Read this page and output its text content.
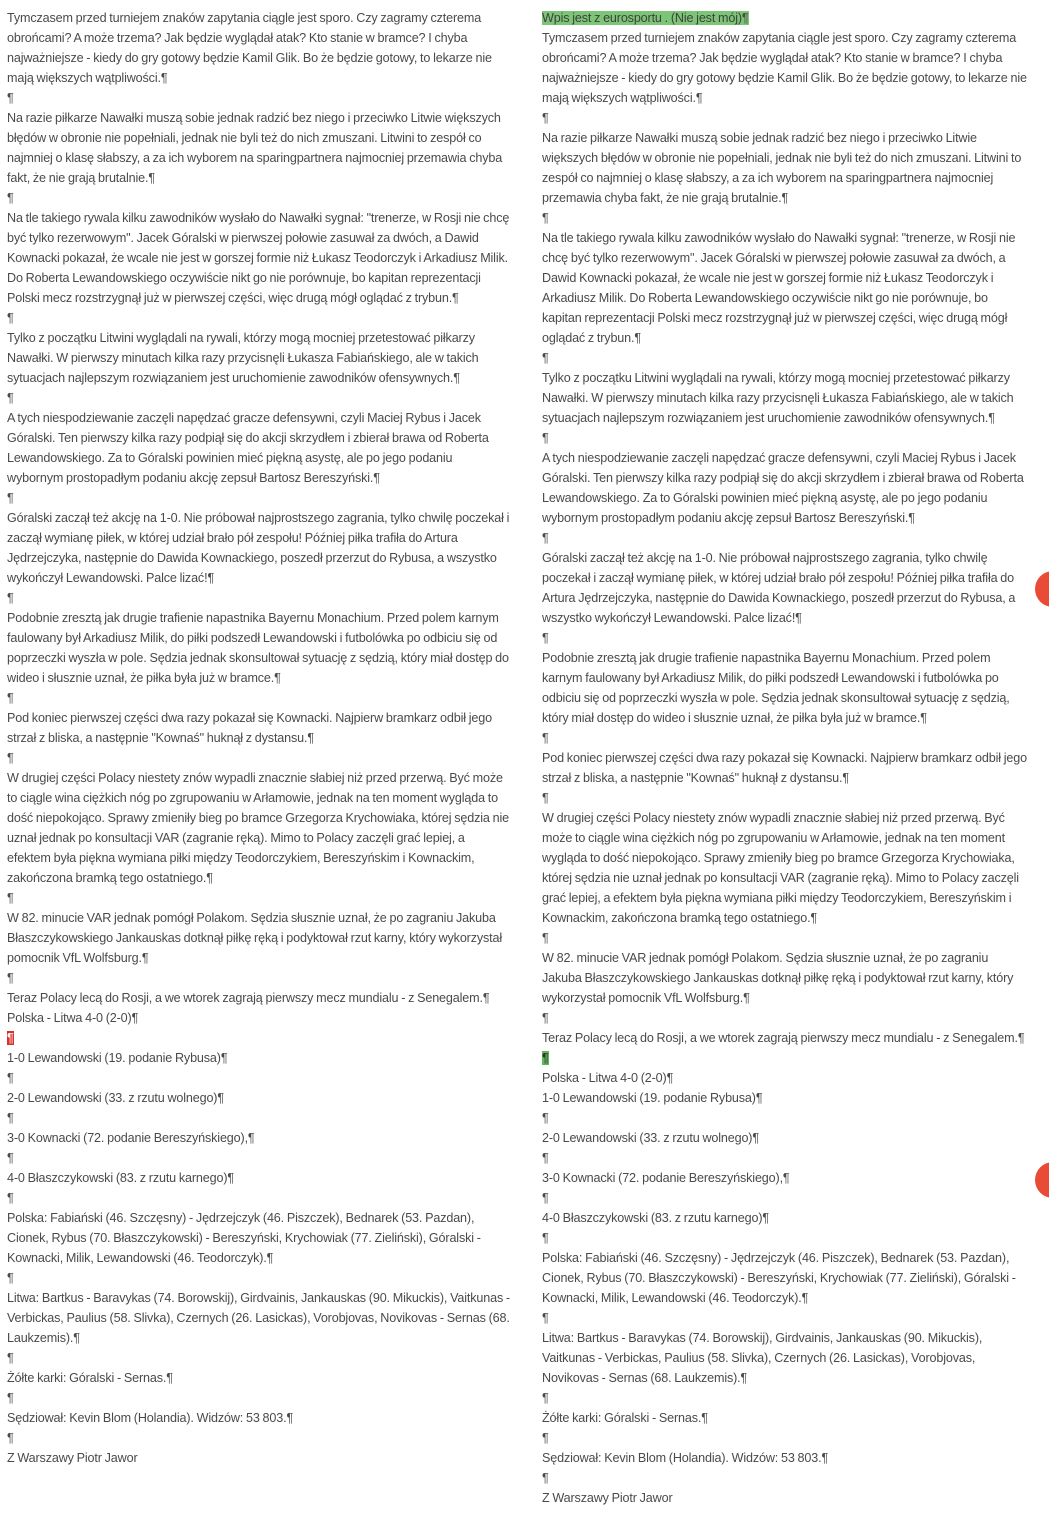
Tymczasem przed turniejem znaków zapytania ciągle jest sporo. Czy zagramy czterema obrońcami? A może trzema? Jak będzie wyglądał atak? Kto stanie w bramce? I chyba najważniejsze - kiedy do gry gotowy będzie Kamil Glik. Bo że będzie gotowy, to lekarze nie mają większych wątpliwości.¶
¶
Na razie piłkarze Nawałki muszą sobie jednak radzić bez niego i przeciwko Litwie większych błędów w obronie nie popełniali, jednak nie byli też do nich zmuszani. Litwini to zespół co najmniej o klasę słabszy, a za ich wyborem na sparingpartnera najmocniej przemawia chyba fakt, że nie grają brutalnie.¶
¶
Na tle takiego rywala kilku zawodników wysłało do Nawałki sygnał: "trenerze, w Rosji nie chcę być tylko rezerwowym". Jacek Góralski w pierwszej połowie zasuwał za dwóch, a Dawid Kownacki pokazał, że wcale nie jest w gorszej formie niż Łukasz Teodorczyk i Arkadiusz Milik. Do Roberta Lewandowskiego oczywiście nikt go nie porównuje, bo kapitan reprezentacji Polski mecz rozstrzygnął już w pierwszej części, więc drugą mógł oglądać z trybun.¶
¶
Tylko z początku Litwini wyglądali na rywali, którzy mogą mocniej przetestować piłkarzy Nawałki. W pierwszy minutach kilka razy przycisnęli Łukasza Fabiańskiego, ale w takich sytuacjach najlepszym rozwiązaniem jest uruchomienie zawodników ofensywnych.¶
¶
A tych niespodziewanie zaczęli napędzać gracze defensywni, czyli Maciej Rybus i Jacek Góralski. Ten pierwszy kilka razy podpiął się do akcji skrzydłem i zbierał brawa od Roberta Lewandowskiego. Za to Góralski powinien mieć piękną asystę, ale po jego podaniu wybornym prostopadłym podaniu akcję zepsuł Bartosz Bereszyński.¶
¶
Góralski zaczął też akcję na 1-0. Nie próbował najprostszego zagrania, tylko chwilę poczekał i zaczął wymianę piłek, w której udział brało pół zespołu! Później piłka trafiła do Artura Jędrzejczyka, następnie do Dawida Kownackiego, poszedł przerzut do Rybusa, a wszystko wykończył Lewandowski. Palce lizać!¶
¶
Podobnie zresztą jak drugie trafienie napastnika Bayernu Monachium. Przed polem karnym faulowany był Arkadiusz Milik, do piłki podszedł Lewandowski i futbolówka po odbiciu się od poprzeczki wyszła w pole. Sędzia jednak skonsultował sytuację z sędzią, który miał dostęp do wideo i słusznie uznał, że piłka była już w bramce.¶
¶
Pod koniec pierwszej części dwa razy pokazał się Kownacki. Najpierw bramkarz odbił jego strzał z bliska, a następnie "Kownaś" huknął z dystansu.¶
¶
W drugiej części Polacy niestety znów wypadli znacznie słabiej niż przed przerwą. Być może to ciągle wina ciężkich nóg po zgrupowaniu w Arłamowie, jednak na ten moment wygląda to dość niepokojąco. Sprawy zmieniły bieg po bramce Grzegorza Krychowiaka, której sędzia nie uznał jednak po konsultacji VAR (zagranie ręką). Mimo to Polacy zaczęli grać lepiej, a efektem była piękna wymiana piłki między Teodorczykiem, Bereszyńskim i Kownackim, zakończona bramką tego ostatniego.¶
¶
W 82. minucie VAR jednak pomógł Polakom. Sędzia słusznie uznał, że po zagraniu Jakuba Błaszczykowskiego Jankauskas dotknął piłkę ręką i podyktował rzut karny, który wykorzystał pomocnik VfL Wolfsburg.¶
¶
Teraz Polacy lecą do Rosji, a we wtorek zagrają pierwszy mecz mundialu - z Senegalem.¶
Polska - Litwa 4-0 (2-0)¶
¶
1-0 Lewandowski (19. podanie Rybusa)¶
¶
2-0 Lewandowski (33. z rzutu wolnego)¶
¶
3-0 Kownacki (72. podanie Bereszyńskiego),¶
¶
4-0 Błaszczykowski (83. z rzutu karnego)¶
¶
Polska: Fabiański (46. Szczęsny) - Jędrzejczyk (46. Piszczek), Bednarek (53. Pazdan), Cionek, Rybus (70. Błaszczykowski) - Bereszyński, Krychowiak (77. Zieliński), Góralski - Kownacki, Milik, Lewandowski (46. Teodorczyk).¶
¶
Litwa: Bartkus - Baravykas (74. Borowskij), Girdvainis, Jankauskas (90. Mikuckis), Vaitkunas - Verbickas, Paulius (58. Slivka), Czernych (26. Lasickas), Vorobjovas, Novikovas - Sernas (68. Laukzemis).¶
¶
Żółte karki: Góralski - Sernas.¶
¶
Sędziował: Kevin Blom (Holandia). Widzów: 53 803.¶
¶
Z Warszawy Piotr Jawor
Wpis jest z eurosportu . (Nie jest mój)¶
Tymczasem przed turniejem znaków zapytania ciągle jest sporo. Czy zagramy czterema obrońcami? A może trzema? Jak będzie wyglądał atak? Kto stanie w bramce? I chyba najważniejsze - kiedy do gry gotowy będzie Kamil Glik. Bo że będzie gotowy, to lekarze nie mają większych wątpliwości.¶
¶
Na razie piłkarze Nawałki muszą sobie jednak radzić bez niego i przeciwko Litwie większych błędów w obronie nie popełniali, jednak nie byli też do nich zmuszani. Litwini to zespół co najmniej o klasę słabszy, a za ich wyborem na sparingpartnera najmocniej przemawia chyba fakt, że nie grają brutalnie.¶
¶
Na tle takiego rywala kilku zawodników wysłało do Nawałki sygnał: "trenerze, w Rosji nie chcę być tylko rezerwowym". Jacek Góralski w pierwszej połowie zasuwał za dwóch, a Dawid Kownacki pokazał, że wcale nie jest w gorszej formie niż Łukasz Teodorczyk i Arkadiusz Milik. Do Roberta Lewandowskiego oczywiście nikt go nie porównuje, bo kapitan reprezentacji Polski mecz rozstrzygnął już w pierwszej części, więc drugą mógł oglądać z trybun.¶
¶
Tylko z początku Litwini wyglądali na rywali, którzy mogą mocniej przetestować piłkarzy Nawałki. W pierwszy minutach kilka razy przycisnęli Łukasza Fabiańskiego, ale w takich sytuacjach najlepszym rozwiązaniem jest uruchomienie zawodników ofensywnych.¶
¶
A tych niespodziewanie zaczęli napędzać gracze defensywni, czyli Maciej Rybus i Jacek Góralski. Ten pierwszy kilka razy podpiął się do akcji skrzydłem i zbierał brawa od Roberta Lewandowskiego. Za to Góralski powinien mieć piękną asystę, ale po jego podaniu wybornym prostopadłym podaniu akcję zepsuł Bartosz Bereszyński.¶
¶
Góralski zaczął też akcję na 1-0. Nie próbował najprostszego zagrania, tylko chwilę poczekał i zaczął wymianę piłek, w której udział brało pół zespołu! Później piłka trafiła do Artura Jędrzejczyka, następnie do Dawida Kownackiego, poszedł przerzut do Rybusa, a wszystko wykończył Lewandowski. Palce lizać!¶
¶
Podobnie zresztą jak drugie trafienie napastnika Bayernu Monachium. Przed polem karnym faulowany był Arkadiusz Milik, do piłki podszedł Lewandowski i futbolówka po odbiciu się od poprzeczki wyszła w pole. Sędzia jednak skonsultował sytuację z sędzią, który miał dostęp do wideo i słusznie uznał, że piłka była już w bramce.¶
¶
Pod koniec pierwszej części dwa razy pokazał się Kownacki. Najpierw bramkarz odbił jego strzał z bliska, a następnie "Kownaś" huknął z dystansu.¶
¶
W drugiej części Polacy niestety znów wypadli znacznie słabiej niż przed przerwą. Być może to ciągle wina ciężkich nóg po zgrupowaniu w Arłamowie, jednak na ten moment wygląda to dość niepokojąco. Sprawy zmieniły bieg po bramce Grzegorza Krychowiaka, której sędzia nie uznał jednak po konsultacji VAR (zagranie ręką). Mimo to Polacy zaczęli grać lepiej, a efektem była piękna wymiana piłki między Teodorczykiem, Bereszyńskim i Kownackim, zakończona bramką tego ostatniego.¶
¶
W 82. minucie VAR jednak pomógł Polakom. Sędzia słusznie uznał, że po zagraniu Jakuba Błaszczykowskiego Jankauskas dotknął piłkę ręką i podyktował rzut karny, który wykorzystał pomocnik VfL Wolfsburg.¶
¶
Teraz Polacy lecą do Rosji, a we wtorek zagrają pierwszy mecz mundialu - z Senegalem.¶
¶
Polska - Litwa 4-0 (2-0)¶
1-0 Lewandowski (19. podanie Rybusa)¶
¶
2-0 Lewandowski (33. z rzutu wolnego)¶
¶
3-0 Kownacki (72. podanie Bereszyńskiego),¶
¶
4-0 Błaszczykowski (83. z rzutu karnego)¶
¶
Polska: Fabiański (46. Szczęsny) - Jędrzejczyk (46. Piszczek), Bednarek (53. Pazdan), Cionek, Rybus (70. Błaszczykowski) - Bereszyński, Krychowiak (77. Zieliński), Góralski - Kownacki, Milik, Lewandowski (46. Teodorczyk).¶
¶
Litwa: Bartkus - Baravykas (74. Borowskij), Girdvainis, Jankauskas (90. Mikuckis), Vaitkunas - Verbickas, Paulius (58. Slivka), Czernych (26. Lasickas), Vorobjovas, Novikovas - Sernas (68. Laukzemis).¶
¶
Żółte karki: Góralski - Sernas.¶
¶
Sędziował: Kevin Blom (Holandia). Widzów: 53 803.¶
¶
Z Warszawy Piotr Jawor
